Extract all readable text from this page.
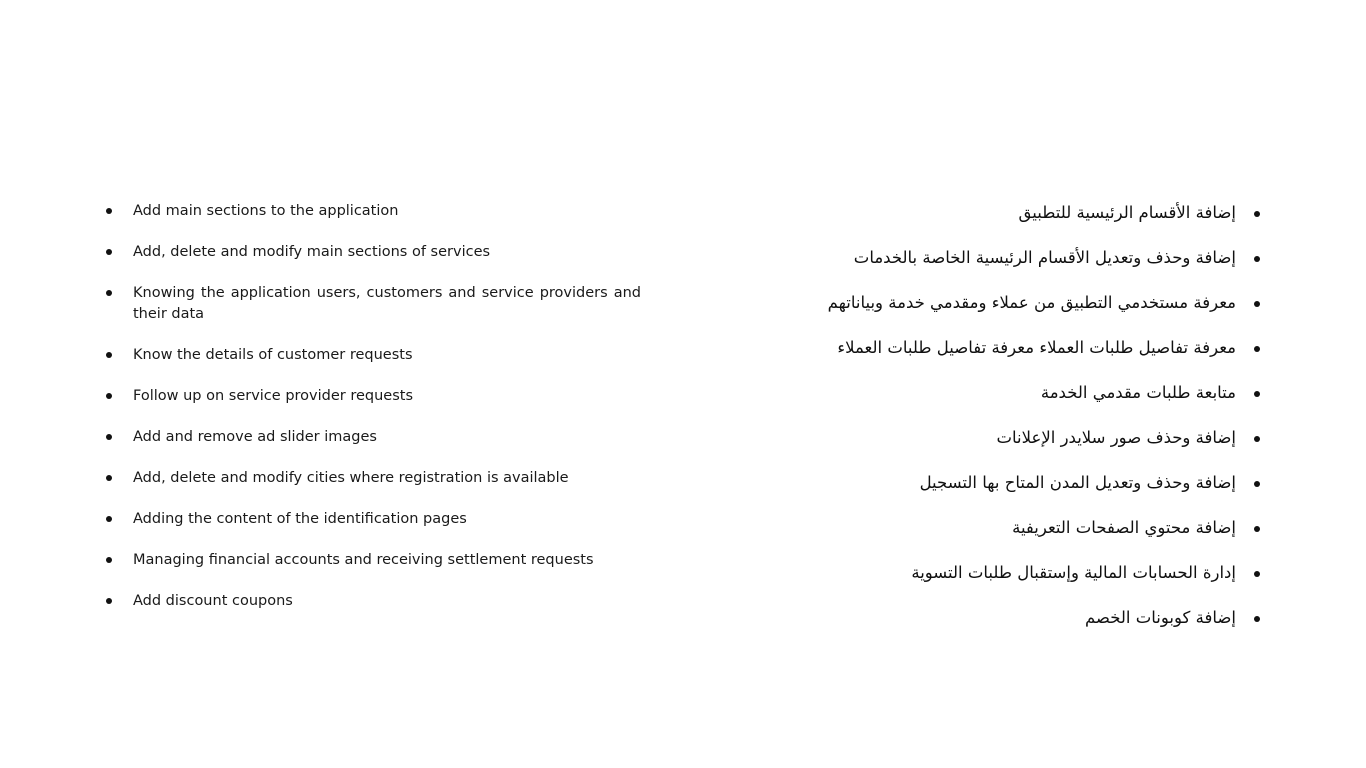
Add main sections to the application
Add, delete and modify main sections of services
Knowing the application users, customers and service providers and their data
Know the details of customer requests
Follow up on service provider requests
Add and remove ad slider images
Add, delete and modify cities where registration is available
Adding the content of the identification pages
Managing financial accounts and receiving settlement requests
Add discount coupons
إضافة الأقسام الرئيسية للتطبيق
إضافة وحذف وتعديل الأقسام الرئيسية الخاصة بالخدمات
معرفة مستخدمي التطبيق من عملاء ومقدمي خدمة وبياناتهم
معرفة تفاصيل طلبات العملاء معرفة تفاصيل طلبات العملاء
متابعة طلبات مقدمي الخدمة
إضافة وحذف صور سلايدر الإعلانات
إضافة وحذف وتعديل المدن المتاح بها التسجيل
إضافة محتوي الصفحات التعريفية
إدارة الحسابات المالية وإستقبال طلبات التسوية
إضافة كوبونات الخصم
